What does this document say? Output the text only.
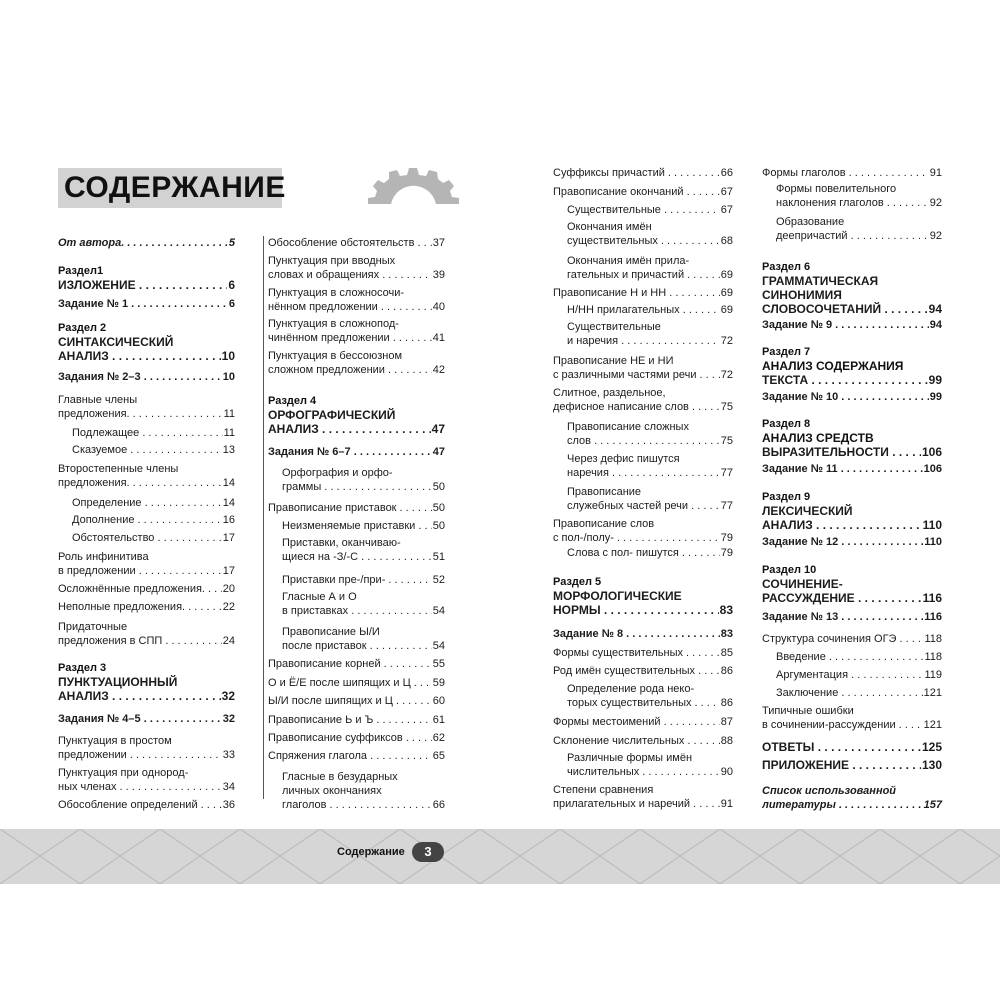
СОДЕРЖАНИЕ
От автора. . . .	5
Раздел1
ИЗЛОЖЕНИЕ . . .	6
Задание № 1 . . .	6
Раздел 2
СИНТАКСИЧЕСКИЙ
АНАЛИЗ . . .	10
Задания № 2–3 . . .	10
Главные члены
предложения. . . .	11
Подлежащее . . .	11
Сказуемое . . .	13
Второстепенные члены
предложения. . . .	14
Определение . . .	14
Дополнение . . .	16
Обстоятельство . . .	17
Роль инфинитива
в предложении . . .	17
Осложнённые предложения. . . .	20
Неполные предложения. . . .	22
Придаточные
предложения в СПП . . .	24
Раздел 3
ПУНКТУАЦИОННЫЙ
АНАЛИЗ . . .	32
Задания № 4–5 . . .	32
Пунктуация в простом
предложении . . .	33
Пунктуация при однород-
ных членах . . .	34
Обособление определений . . .	36
Обособление обстоятельств . . .	37
Пунктуация при вводных
словах и обращениях . . .	39
Пунктуация в сложносочи-
нённом предложении . . .	40
Пунктуация в сложнопод-
чинённом предложении . . .	41
Пунктуация в бессоюзном
сложном предложении . . .	42
Раздел 4
ОРФОГРАФИЧЕСКИЙ
АНАЛИЗ . . .	47
Задания № 6–7 . . .	47
Орфография и орфо-
граммы . . .	50
Правописание приставок . . .	50
Неизменяемые приставки . . .	50
Приставки, оканчиваю-
щиеся на -З/-С . . .	51
Приставки пре-/при- . . .	52
Гласные А и О
в приставках . . .	54
Правописание Ы/И
после приставок . . .	54
Правописание корней . . .	55
О и Ё/Е после шипящих и Ц . . .	59
Ы/И после шипящих и Ц . . .	60
Правописание Ь и Ъ . . .	61
Правописание суффиксов . . .	62
Спряжения глагола . . .	65
Гласные в безударных
личных окончаниях
глаголов . . .	66
Суффиксы причастий . . .	66
Правописание окончаний . . .	67
Существительные . . .	67
Окончания имён
существительных . . .	68
Окончания имён прила-
гательных и причастий . . .	69
Правописание Н и НН . . .	69
Н/НН прилагательных . . .	69
Существительные
и наречия . . .	72
Правописание НЕ и НИ
с различными частями речи . . .	72
Слитное, раздельное,
дефисное написание слов . . .	75
Правописание сложных
слов . . .	75
Через дефис пишутся
наречия . . .	77
Правописание
служебных частей речи . . .	77
Правописание слов
с пол-/полу- . . .	79
Слова с пол- пишутся . . .	79
Раздел 5
МОРФОЛОГИЧЕСКИЕ
НОРМЫ . . .	83
Задание № 8 . . .	83
Формы существительных . . .	85
Род имён существительных . . .	86
Определение рода неко-
торых существительных . . .	86
Формы местоимений . . .	87
Склонение числительных . . .	88
Различные формы имён
числительных . . .	90
Степени сравнения
прилагательных и наречий . . .	91
Формы глаголов . . .	91
Формы повелительного
наклонения глаголов . . .	92
Образование
деепричастий . . .	92
Раздел 6
ГРАММАТИЧЕСКАЯ
СИНОНИМИЯ
СЛОВОСОЧЕТАНИЙ . . .	94
Задание № 9 . . .	94
Раздел 7
АНАЛИЗ СОДЕРЖАНИЯ
ТЕКСТА . . .	99
Задание № 10 . . .	99
Раздел 8
АНАЛИЗ СРЕДСТВ
ВЫРАЗИТЕЛЬНОСТИ . . .	106
Задание № 11 . . .	106
Раздел 9
ЛЕКСИЧЕСКИЙ
АНАЛИЗ . . .	110
Задание № 12 . . .	110
Раздел 10
СОЧИНЕНИЕ-
РАССУЖДЕНИЕ . . .	116
Задание № 13 . . .	116
Структура сочинения ОГЭ . . .	118
Введение . . .	118
Аргументация . . .	119
Заключение . . .	121
Типичные ошибки
в сочинении-рассуждении . . .	121
ОТВЕТЫ . . .	125
ПРИЛОЖЕНИЕ . . .	130
Список использованной
литературы . . .	157
Содержание	3
